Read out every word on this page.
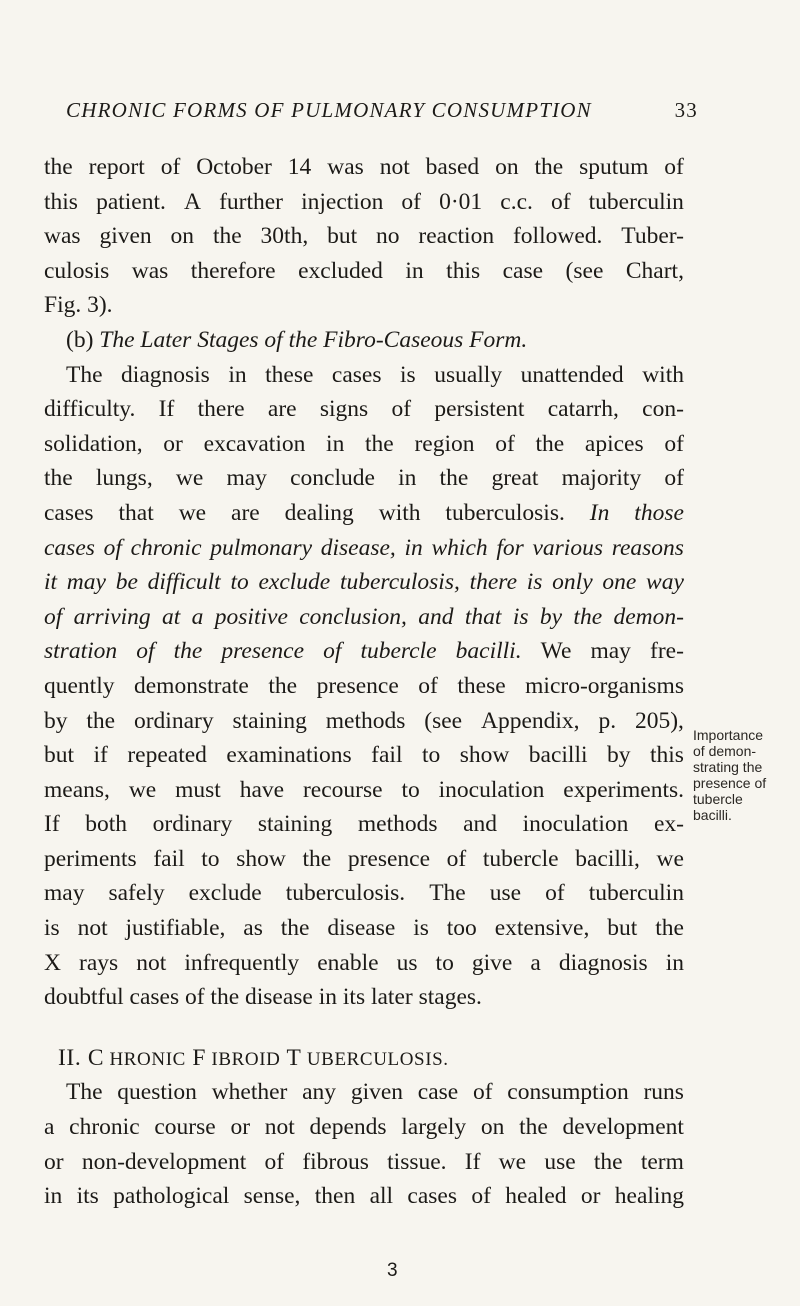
CHRONIC FORMS OF PULMONARY CONSUMPTION	33
the report of October 14 was not based on the sputum of
this patient. A further injection of 0·01 c.c. of tuberculin
was given on the 30th, but no reaction followed. Tuber-
culosis was therefore excluded in this case (see Chart,
Fig. 3).
(b) The Later Stages of the Fibro-Caseous Form.
The diagnosis in these cases is usually unattended with
difficulty. If there are signs of persistent catarrh, con-
solidation, or excavation in the region of the apices of
the lungs, we may conclude in the great majority of
cases that we are dealing with tuberculosis. In those
cases of chronic pulmonary disease, in which for various reasons
it may be difficult to exclude tuberculosis, there is only one way
of arriving at a positive conclusion, and that is by the demon-
stration of the presence of tubercle bacilli. We may fre-
quently demonstrate the presence of these micro-organisms
by the ordinary staining methods (see Appendix, p. 205),
but if repeated examinations fail to show bacilli by this
means, we must have recourse to inoculation experiments.
If both ordinary staining methods and inoculation ex-
periments fail to show the presence of tubercle bacilli, we
may safely exclude tuberculosis. The use of tuberculin
is not justifiable, as the disease is too extensive, but the
X rays not infrequently enable us to give a diagnosis in
doubtful cases of the disease in its later stages.
II. C HRONIC F IBROID T UBERCULOSIS.
The question whether any given case of consumption runs
a chronic course or not depends largely on the development
or non-development of fibrous tissue. If we use the term
in its pathological sense, then all cases of healed or healing
Importance
of demon-
strating the
presence of
tubercle
bacilli.
3
